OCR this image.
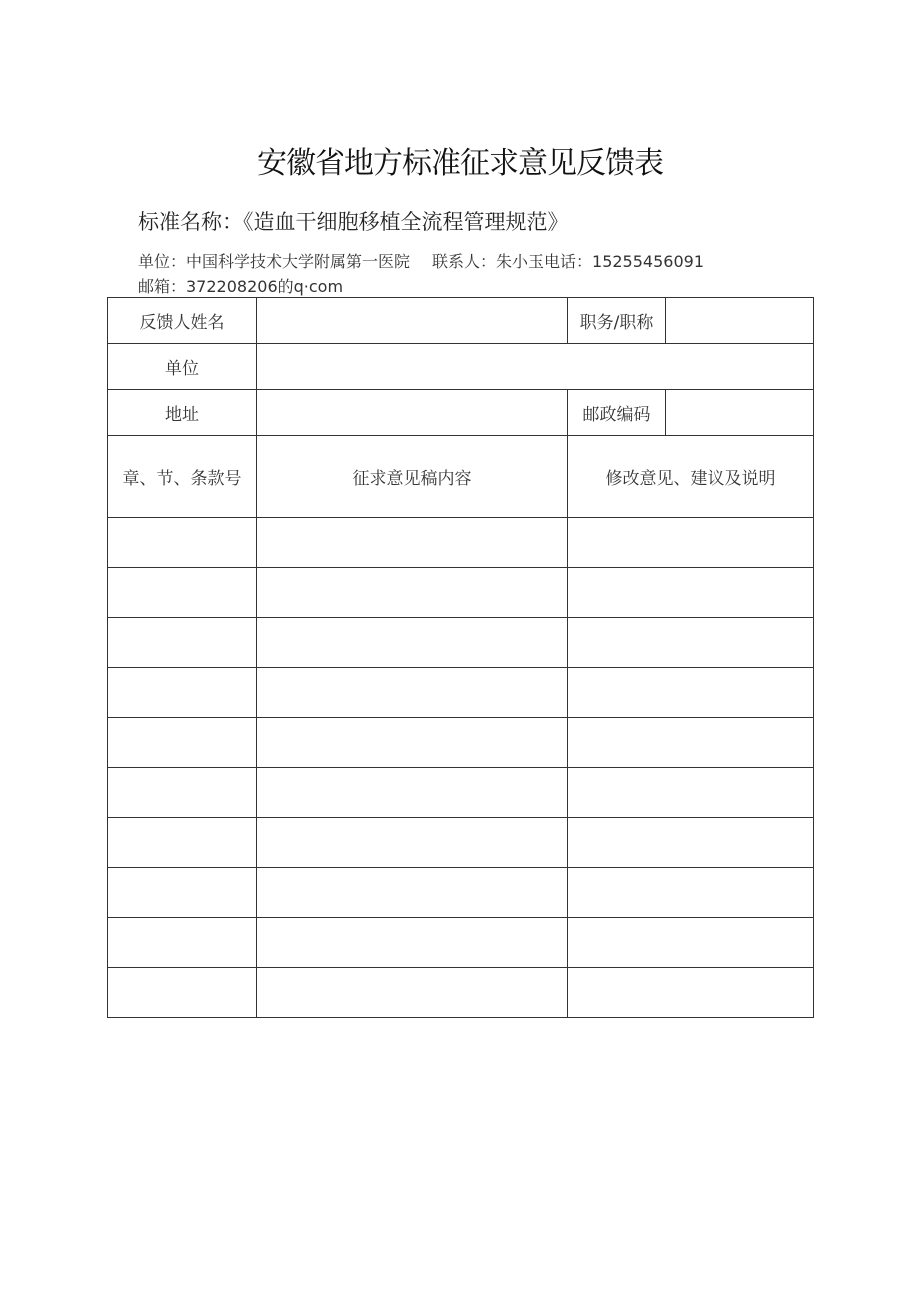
安徽省地方标准征求意见反馈表
标准名称：《造血干细胞移植全流程管理规范》
单位：中国科学技术大学附属第一医院 联系人：朱小玉电话：15255456091
邮箱：372208206的q·com
反馈人姓名		职务/职称	
单位			
地址		邮政编码	
章、节、条款号	征求意见稿内容	修改意见、建议及说明	
